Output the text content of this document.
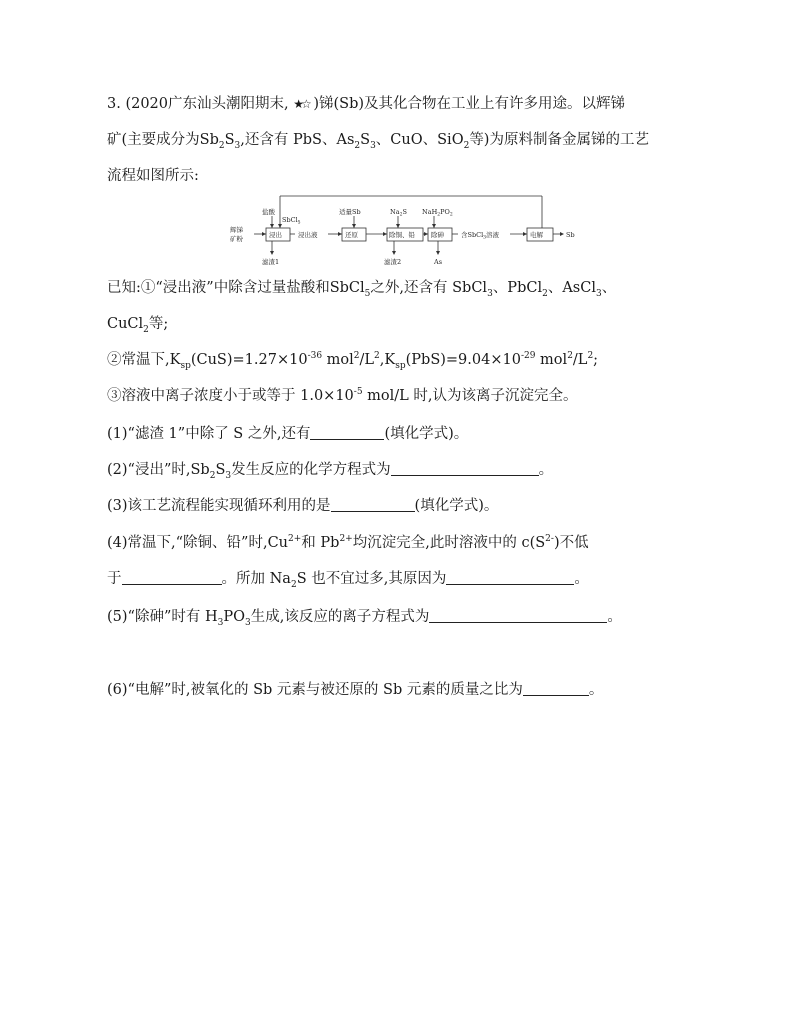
3. (2020广东汕头潮阳期末, ★☆ )锑(Sb)及其化合物在工业上有许多用途。以辉锑
矿(主要成分为$Sb_2S_3$,还含有 PbS、$As_2S_3$、CuO、SiO$_2$等)为原料制备金属锑的工艺
流程如图所示:
辉锑
矿粉
盐酸
SbCl$_5$
浸出 浸出液
适量Sb
还原
$Na_2S$
除铜、铅
$NaH_2PO_2$
除砷	含SbCl$_3$溶液	电解	Sb
滤渣1	滤渣2	As
已知:①“浸出液”中除含过量盐酸和SbCl$_5$之外,还含有 SbCl$_3$、PbCl$_2$、AsCl$_3$、
CuCl$_2$等;
②常温下$,K_{sp}(CuS)=1.27\times 10^{-36}$ $mol^2/L^2,K_{sp}(PbS)=9.04\times 10^{-29}$ $mol^2/L^2$;
③溶液中离子浓度小于或等于 $1.0\times 10^{-5}$ mol/L 时,认为该离子沉淀完全。
(1)“滤渣 1”中除了 S 之外,还有	(填化学式)。
(2)“浸出”时$,Sb_2S_3$发生反应的化学方程式为	。
(3)该工艺流程能实现循环利用的是	(填化学式)。
(4)常温下,“除铜、铅”时$,Cu^{2+}$和 $Pb^{2+}$均沉淀完全,此时溶液中的 $c(S^{2-})$不低
于	。所加 $Na_2S$ 也不宜过多,其原因为	。
(5)“除砷”时有 $H_3PO_3$生成,该反应的离子方程式为	。
(6)“电解”时,被氧化的 Sb 元素与被还原的 Sb 元素的质量之比为	。
